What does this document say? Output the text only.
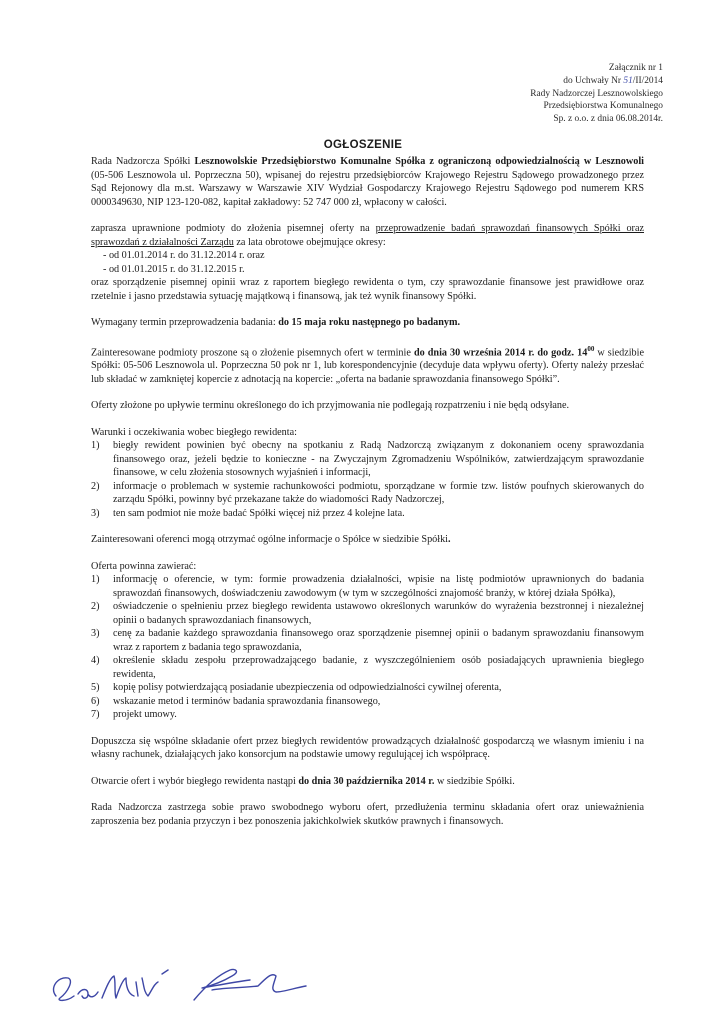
Załącznik nr 1
do Uchwały Nr 51/II/2014
Rady Nadzorczej Lesznowolskiego
Przedsiębiorstwa Komunalnego
Sp. z o.o. z dnia 06.08.2014r.
OGŁOSZENIE

Rada Nadzorcza Spółki Lesznowolskie Przedsiębiorstwo Komunalne Spółka z ograniczoną odpowiedzialnością w Lesznowoli (05-506 Lesznowola ul. Poprzeczna 50), wpisanej do rejestru przedsiębiorców Krajowego Rejestru Sądowego prowadzonego przez Sąd Rejonowy dla m.st. Warszawy w Warszawie XIV Wydział Gospodarczy Krajowego Rejestru Sądowego pod numerem KRS 0000349630, NIP 123-120-082, kapitał zakładowy: 52 747 000 zł, wpłacony w całości.

zaprasza uprawnione podmioty do złożenia pisemnej oferty na przeprowadzenie badań sprawozdań finansowych Spółki oraz sprawozdań z działalności Zarządu za lata obrotowe obejmujące okresy:

- od 01.01.2014 r. do 31.12.2014 r. oraz

- od 01.01.2015 r. do 31.12.2015 r.

oraz sporządzenie pisemnej opinii wraz z raportem biegłego rewidenta o tym, czy sprawozdanie finansowe jest prawidłowe oraz rzetelnie i jasno przedstawia sytuację majątkową i finansową, jak też wynik finansowy Spółki.

Wymagany termin przeprowadzenia badania: do 15 maja roku następnego po badanym.

Zainteresowane podmioty proszone są o złożenie pisemnych ofert w terminie do dnia 30 września 2014 r. do godz. $14^{00}$ w siedzibie Spółki: 05-506 Lesznowola ul. Poprzeczna 50 pok nr 1, lub korespondencyjnie (decyduje data wpływu oferty). Oferty należy przesłać lub składać w zamkniętej kopercie z adnotacją na kopercie: „oferta na badanie sprawozdania finansowego Spółki”.

Oferty złożone po upływie terminu określonego do ich przyjmowania nie podlegają rozpatrzeniu i nie będą odsyłane.

Warunki i oczekiwania wobec biegłego rewidenta:

1) biegły rewident powinien być obecny na spotkaniu z Radą Nadzorczą związanym z dokonaniem oceny sprawozdania finansowego oraz, jeżeli będzie to konieczne - na Zwyczajnym Zgromadzeniu Wspólników, zatwierdzającym sprawozdanie finansowe, w celu złożenia stosownych wyjaśnień i informacji,
2) informacje o problemach w systemie rachunkowości podmiotu, sporządzane w formie tzw. listów poufnych skierowanych do zarządu Spółki, powinny być przekazane także do wiadomości Rady Nadzorczej,
3) ten sam podmiot nie może badać Spółki więcej niż przez 4 kolejne lata.

Zainteresowani oferenci mogą otrzymać ogólne informacje o Spółce w siedzibie Spółki.

Oferta powinna zawierać:

1) informację o oferencie, w tym: formie prowadzenia działalności, wpisie na listę podmiotów uprawnionych do badania sprawozdań finansowych, doświadczeniu zawodowym (w tym w szczególności znajomość branży, w której działa Spółka),
2) oświadczenie o spełnieniu przez biegłego rewidenta ustawowo określonych warunków do wyrażenia bezstronnej i niezależnej opinii o badanych sprawozdaniach finansowych,
3) cenę za badanie każdego sprawozdania finansowego oraz sporządzenie pisemnej opinii o badanym sprawozdaniu finansowym wraz z raportem z badania tego sprawozdania,
4) określenie składu zespołu przeprowadzającego badanie, z wyszczególnieniem osób posiadających uprawnienia biegłego rewidenta,
5) kopię polisy potwierdzającą posiadanie ubezpieczenia od odpowiedzialności cywilnej oferenta,
6) wskazanie metod i terminów badania sprawozdania finansowego,
7) projekt umowy.

Dopuszcza się wspólne składanie ofert przez biegłych rewidentów prowadzących działalność gospodarczą we własnym imieniu i na własny rachunek, działających jako konsorcjum na podstawie umowy regulującej ich współpracę.

Otwarcie ofert i wybór biegłego rewidenta nastąpi do dnia 30 października 2014 r. w siedzibie Spółki.

Rada Nadzorcza zastrzega sobie prawo swobodnego wyboru ofert, przedłużenia terminu składania ofert oraz unieważnienia zaproszenia bez podania przyczyn i bez ponoszenia jakichkolwiek skutków prawnych i finansowych.
